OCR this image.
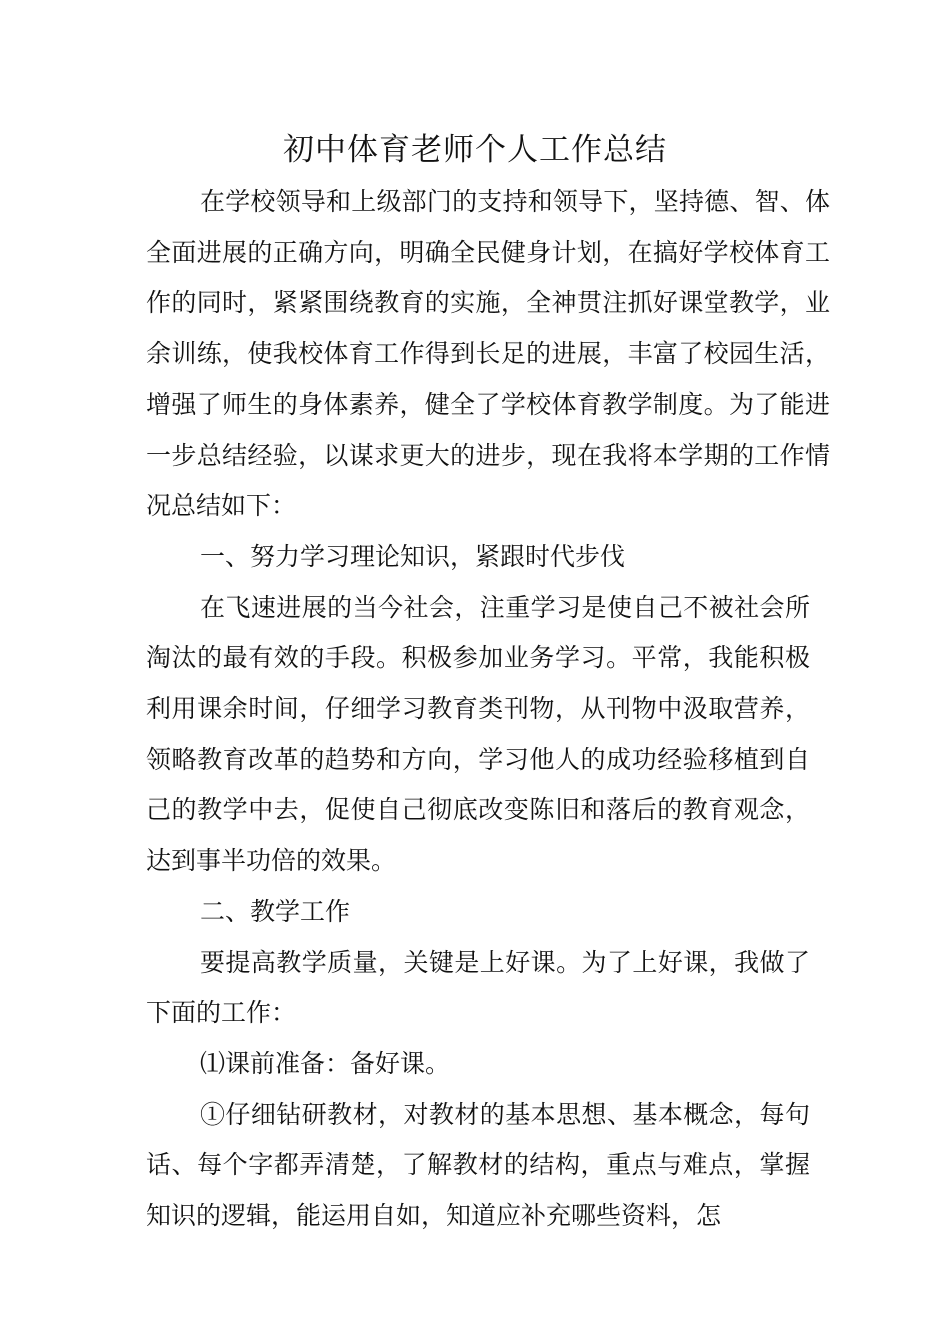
初中体育老师个人工作总结

在学校领导和上级部门的支持和领导下，坚持德、智、体全面进展的正确方向，明确全民健身计划，在搞好学校体育工作的同时，紧紧围绕教育的实施，全神贯注抓好课堂教学，业余训练，使我校体育工作得到长足的进展，丰富了校园生活，增强了师生的身体素养，健全了学校体育教学制度。为了能进一步总结经验，以谋求更大的进步，现在我将本学期的工作情况总结如下：

一、努力学习理论知识，紧跟时代步伐

在飞速进展的当今社会，注重学习是使自己不被社会所淘汰的最有效的手段。积极参加业务学习。平常，我能积极利用课余时间，仔细学习教育类刊物，从刊物中汲取营养，领略教育改革的趋势和方向，学习他人的成功经验移植到自己的教学中去，促使自己彻底改变陈旧和落后的教育观念，达到事半功倍的效果。

二、教学工作

要提高教学质量，关键是上好课。为了上好课，我做了下面的工作：

⑴课前准备：备好课。

①仔细钻研教材，对教材的基本思想、基本概念，每句话、每个字都弄清楚，了解教材的结构，重点与难点，掌握知识的逻辑，能运用自如，知道应补充哪些资料，怎
